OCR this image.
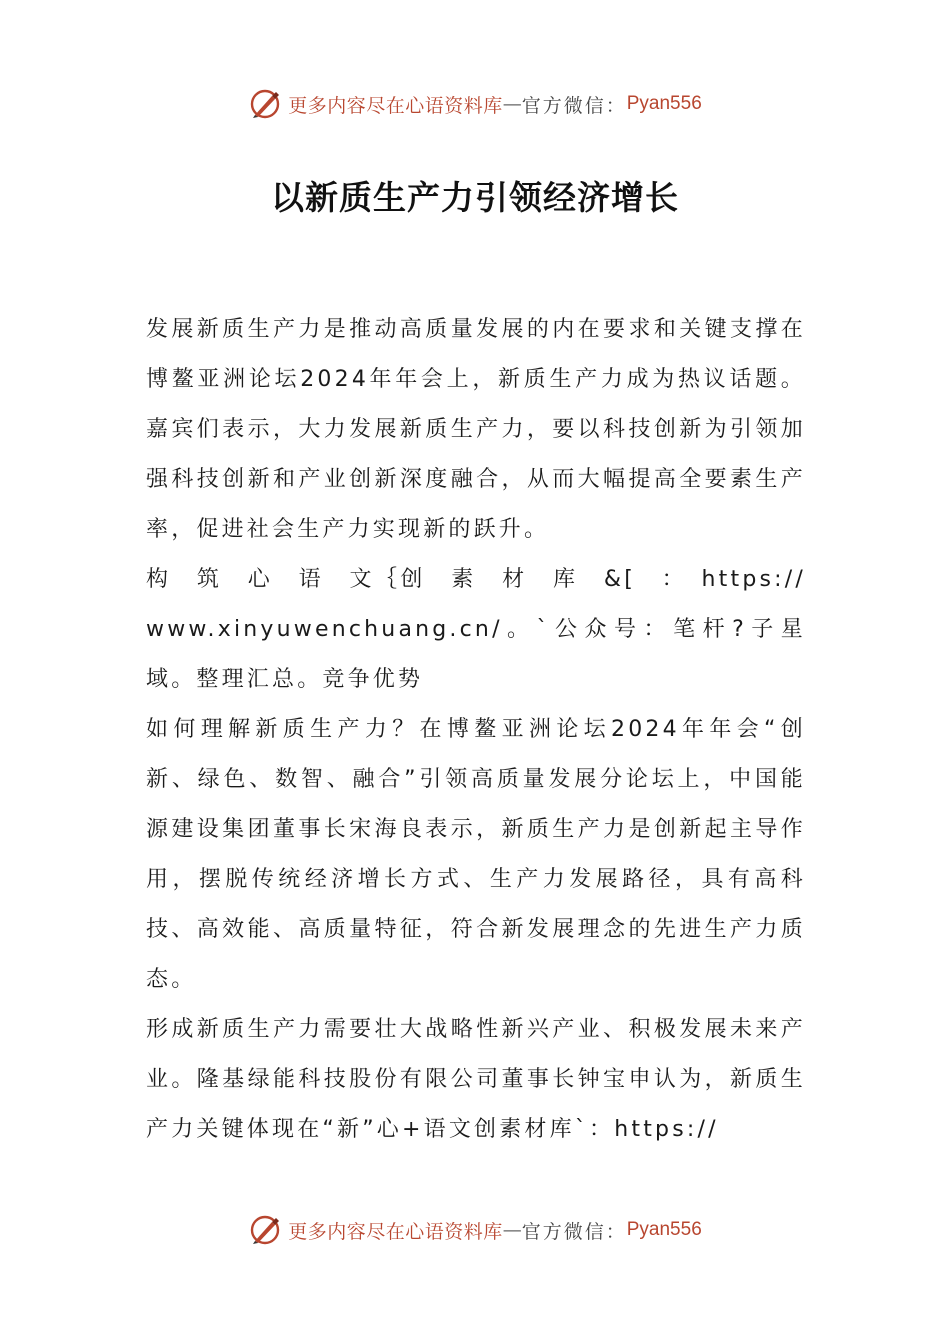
更多内容尽在心语资料库 — 官方微信： Pyan556
以新质生产力引领经济增长

发展新质生产力是推动高质量发展的内在要求和关键支撑在博鳌亚洲论坛2024年年会上，新质生产力成为热议话题。嘉宾们表示，大力发展新质生产力，要以科技创新为引领加强科技创新和产业创新深度融合，从而大幅提高全要素生产率，促进社会生产力实现新的跃升。

构　筑　心　语　文｛创　素　材　库　&[　：　https://www.xinyuwenchuang.cn/。`公众号：笔杆?子星域。整理汇总。竞争优势

如何理解新质生产力？在博鳌亚洲论坛2024年年会“创新、绿色、数智、融合”引领高质量发展分论坛上，中国能源建设集团董事长宋海良表示，新质生产力是创新起主导作用，摆脱传统经济增长方式、生产力发展路径，具有高科技、高效能、高质量特征，符合新发展理念的先进生产力质态。

形成新质生产力需要壮大战略性新兴产业、积极发展未来产业。隆基绿能科技股份有限公司董事长钟宝申认为，新质生产力关键体现在“新”心+语文创素材库`：https://

更多内容尽在心语资料库 — 官方微信： Pyan556
